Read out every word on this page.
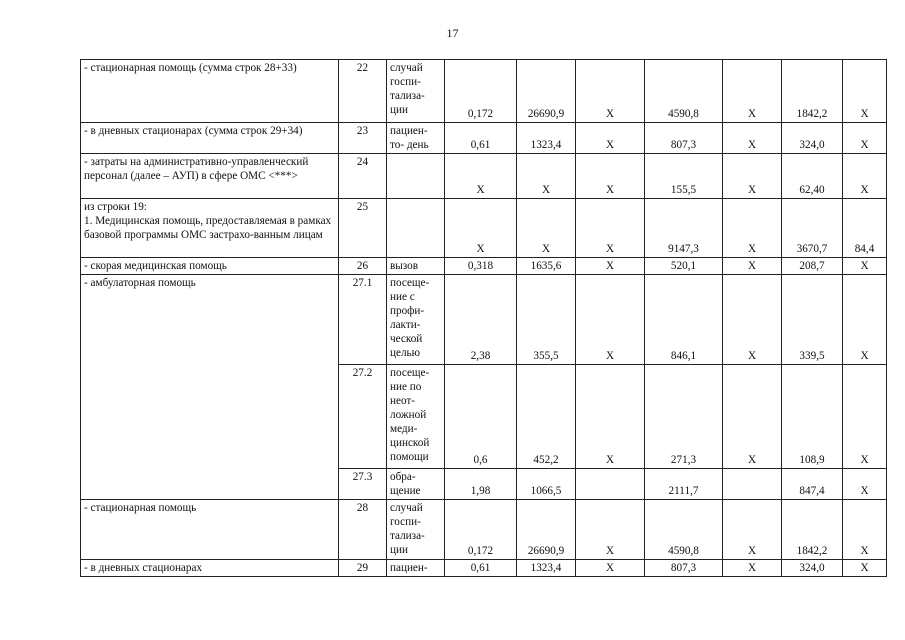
17
- стационарная помощь (сумма строк 28+33)	22	случай госпи-тализа-ции	0,172	26690,9	Х	4590,8	Х	1842,2	Х
- в дневных стационарах (сумма строк 29+34)	23	пациен-то- день	0,61	1323,4	Х	807,3	Х	324,0	Х
- затраты на административно-управленческий персонал (далее – АУП) в сфере ОМС <***>	24		Х	Х	Х	155,5	Х	62,40	Х

из строки 19:
1. Медицинская помощь, предоставляемая в рамках базовой программы ОМС застрахо-ванным лицам	25		Х	Х	Х	9147,3	Х	3670,7	84,4
- скорая медицинская помощь	26	вызов	0,318	1635,6	Х	520,1	Х	208,7	Х
- амбулаторная помощь	27.1	посеще-ние с профи-лакти-ческой целью	2,38	355,5	Х	846,1	Х	339,5	Х
	27.2	посеще-ние по неот-ложной меди-цинской помощи	0,6	452,2	Х	271,3	Х	108,9	Х
	27.3	обра-щение	1,98	1066,5		2111,7		847,4	Х
- стационарная помощь	28	случай госпи-тализа-ции	0,172	26690,9	Х	4590,8	Х	1842,2	Х
- в дневных стационарах	29	пациен-	0,61	1323,4	Х	807,3	Х	324,0	Х
